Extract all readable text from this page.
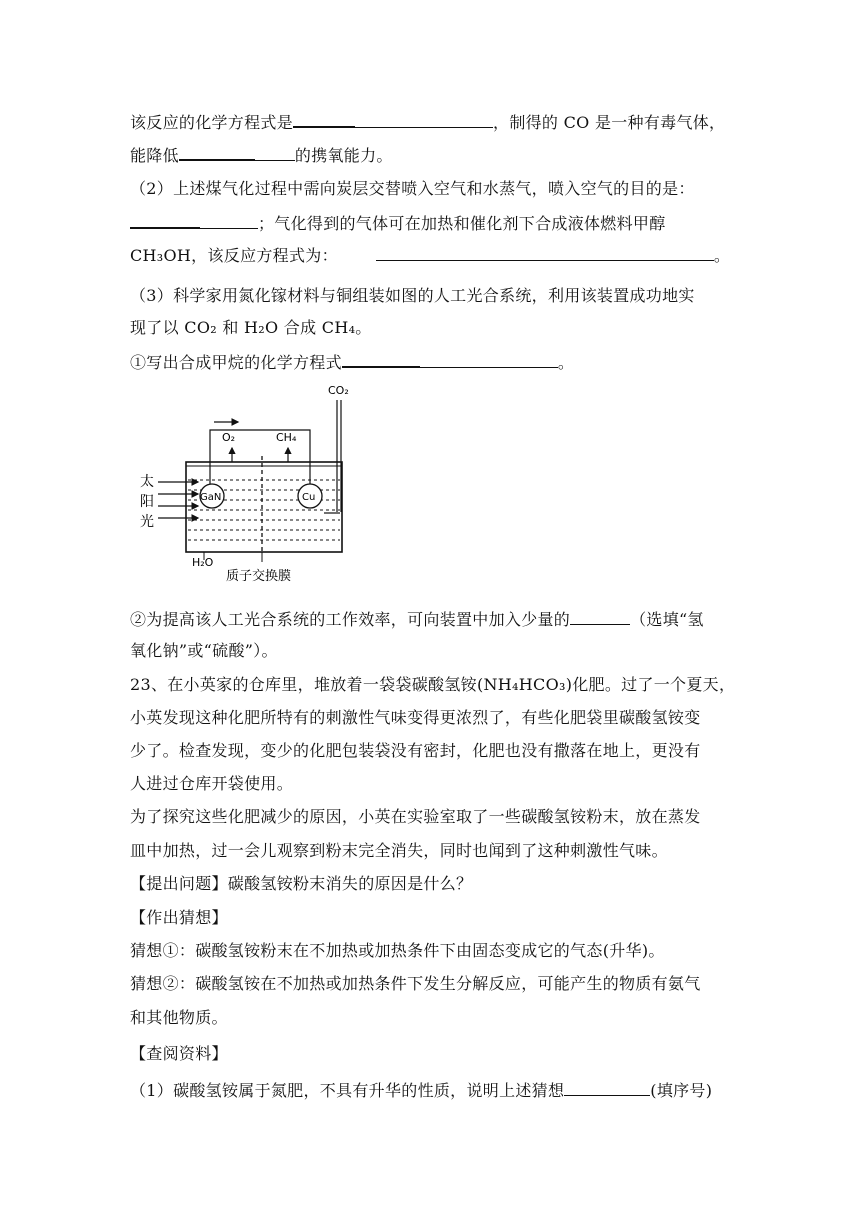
该反应的化学方程式是	，制得的 CO 是一种有毒气体，
能降低	的携氧能力。
（2）上述煤气化过程中需向炭层交替喷入空气和水蒸气，喷入空气的目的是：
；气化得到的气体可在加热和催化剂下合成液体燃料甲醇
CH₃OH，该反应方程式为：	。
（3）科学家用氮化镓材料与铜组装如图的人工光合系统，利用该装置成功地实
现了以 CO₂ 和 H₂O 合成 CH₄。
①写出合成甲烷的化学方程式	。
O₂	CH₄
CO₂
GaN	Cu
太
阳
光
H₂O
质子交换膜
②为提高该人工光合系统的工作效率，可向装置中加入少量的	（选填“氢
氧化钠”或“硫酸”）。
23、在小英家的仓库里，堆放着一袋袋碳酸氢铵(NH₄HCO₃)化肥。过了一个夏天，
小英发现这种化肥所特有的刺激性气味变得更浓烈了，有些化肥袋里碳酸氢铵变
少了。检查发现，变少的化肥包装袋没有密封，化肥也没有撒落在地上，更没有
人进过仓库开袋使用。
为了探究这些化肥减少的原因，小英在实验室取了一些碳酸氢铵粉末，放在蒸发
皿中加热，过一会儿观察到粉末完全消失，同时也闻到了这种刺激性气味。
【提出问题】碳酸氢铵粉末消失的原因是什么？
【作出猜想】
猜想①：碳酸氢铵粉末在不加热或加热条件下由固态变成它的气态(升华)。
猜想②：碳酸氢铵在不加热或加热条件下发生分解反应，可能产生的物质有氨气
和其他物质。
【查阅资料】
（1）碳酸氢铵属于氮肥，不具有升华的性质，说明上述猜想	(填序号)
